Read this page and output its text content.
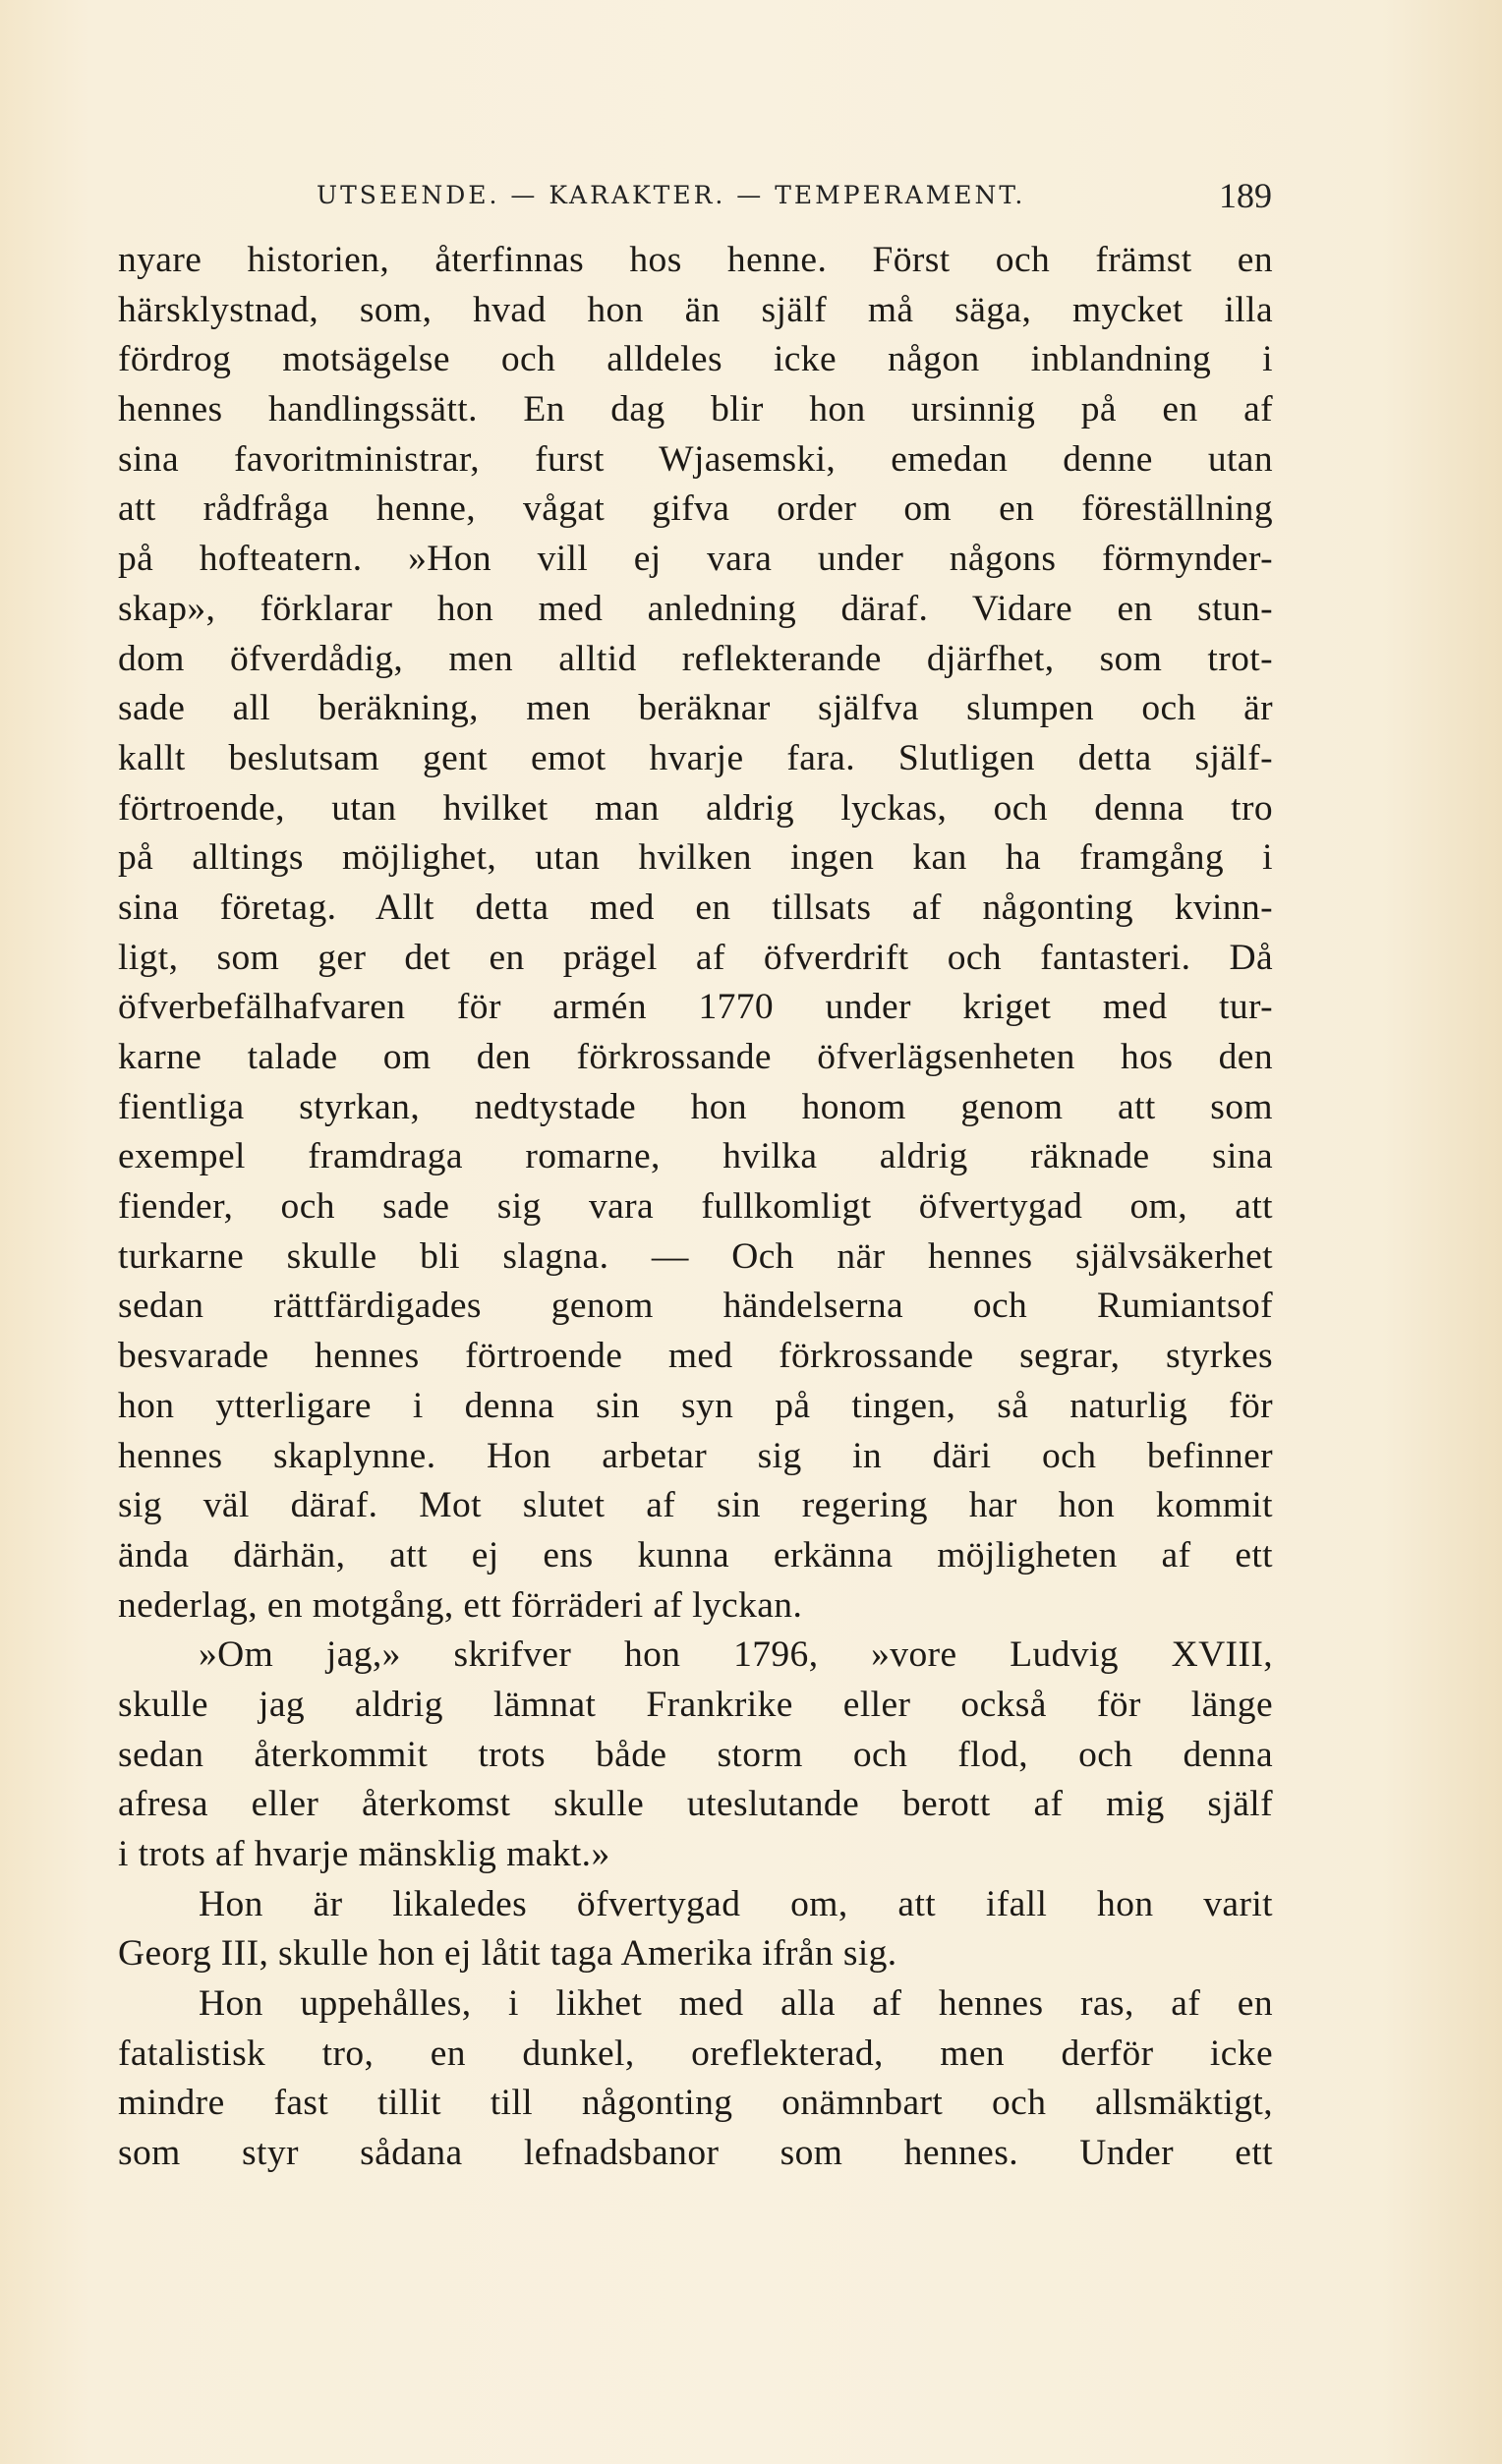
UTSEENDE. — KARAKTER. — TEMPERAMENT.	189
nyare historien, återfinnas hos henne. Först och främst en
härsklystnad, som, hvad hon än själf må säga, mycket illa
fördrog motsägelse och alldeles icke någon inblandning i
hennes handlingssätt. En dag blir hon ursinnig på en af
sina favoritministrar, furst Wjasemski, emedan denne utan
att rådfråga henne, vågat gifva order om en föreställning
på hofteatern. »Hon vill ej vara under någons förmynder-
skap», förklarar hon med anledning däraf. Vidare en stun-
dom öfverdådig, men alltid reflekterande djärfhet, som trot-
sade all beräkning, men beräknar själfva slumpen och är
kallt beslutsam gent emot hvarje fara. Slutligen detta själf-
förtroende, utan hvilket man aldrig lyckas, och denna tro
på alltings möjlighet, utan hvilken ingen kan ha framgång i
sina företag. Allt detta med en tillsats af någonting kvinn-
ligt, som ger det en prägel af öfverdrift och fantasteri. Då
öfverbefälhafvaren för armén 1770 under kriget med tur-
karne talade om den förkrossande öfverlägsenheten hos den
fientliga styrkan, nedtystade hon honom genom att som
exempel framdraga romarne, hvilka aldrig räknade sina
fiender, och sade sig vara fullkomligt öfvertygad om, att
turkarne skulle bli slagna. — Och när hennes självsäkerhet
sedan rättfärdigades genom händelserna och Rumiantsof
besvarade hennes förtroende med förkrossande segrar, styrkes
hon ytterligare i denna sin syn på tingen, så naturlig för
hennes skaplynne. Hon arbetar sig in däri och befinner
sig väl däraf. Mot slutet af sin regering har hon kommit
ända därhän, att ej ens kunna erkänna möjligheten af ett
nederlag, en motgång, ett förräderi af lyckan.
»Om jag,» skrifver hon 1796, »vore Ludvig XVIII,
skulle jag aldrig lämnat Frankrike eller också för länge
sedan återkommit trots både storm och flod, och denna
afresa eller återkomst skulle uteslutande berott af mig själf
i trots af hvarje mänsklig makt.»
Hon är likaledes öfvertygad om, att ifall hon varit
Georg III, skulle hon ej låtit taga Amerika ifrån sig.
Hon uppehålles, i likhet med alla af hennes ras, af en
fatalistisk tro, en dunkel, oreflekterad, men derför icke
mindre fast tillit till någonting onämnbart och allsmäktigt,
som styr sådana lefnadsbanor som hennes. Under ett
